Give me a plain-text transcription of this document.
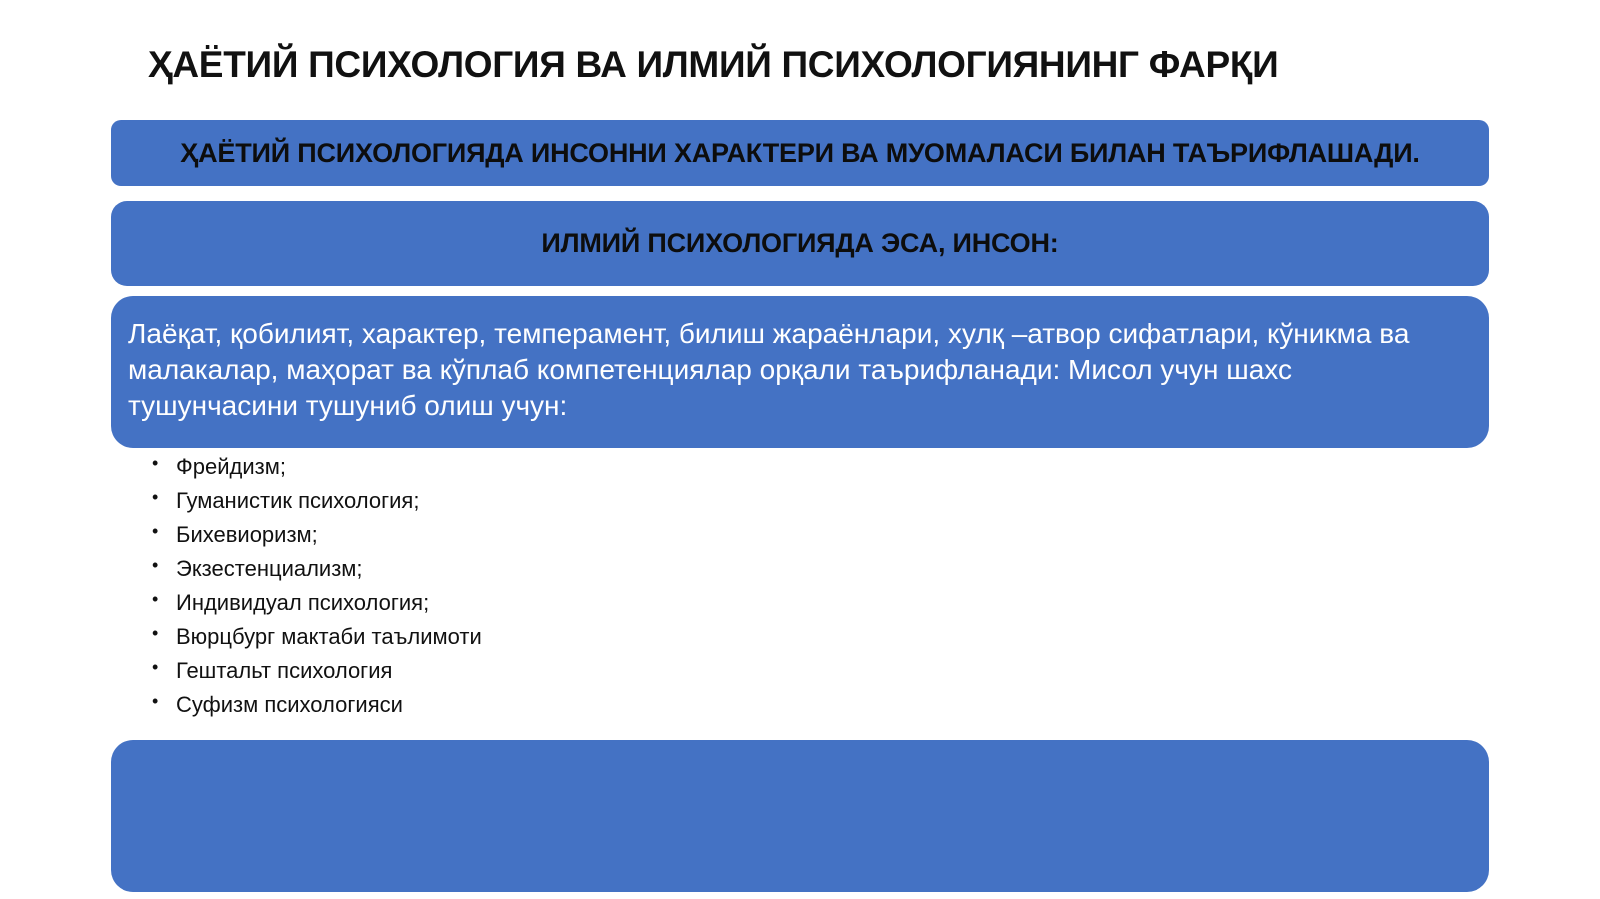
ҲАЁТИЙ ПСИХОЛОГИЯ ВА ИЛМИЙ ПСИХОЛОГИЯНИНГ ФАРҚИ
ҲАЁТИЙ ПСИХОЛОГИЯДА ИНСОННИ ХАРАКТЕРИ ВА МУОМАЛАСИ БИЛАН ТАЪРИФЛАШАДИ.
ИЛМИЙ ПСИХОЛОГИЯДА ЭСА, ИНСОН:
Лаёқат, қобилият, характер, темперамент, билиш жараёнлари, хулқ –атвор сифатлари, кўникма ва малакалар, маҳорат ва кўплаб компетенциялар орқали таърифланади: Мисол учун шахс тушунчасини тушуниб олиш учун:
• Фрейдизм;
• Гуманистик психология;
• Бихевиоризм;
• Экзестенциализм;
• Индивидуал психология;
• Вюрцбург мактаби таълимоти
• Гештальт психология
• Суфизм психологияси
